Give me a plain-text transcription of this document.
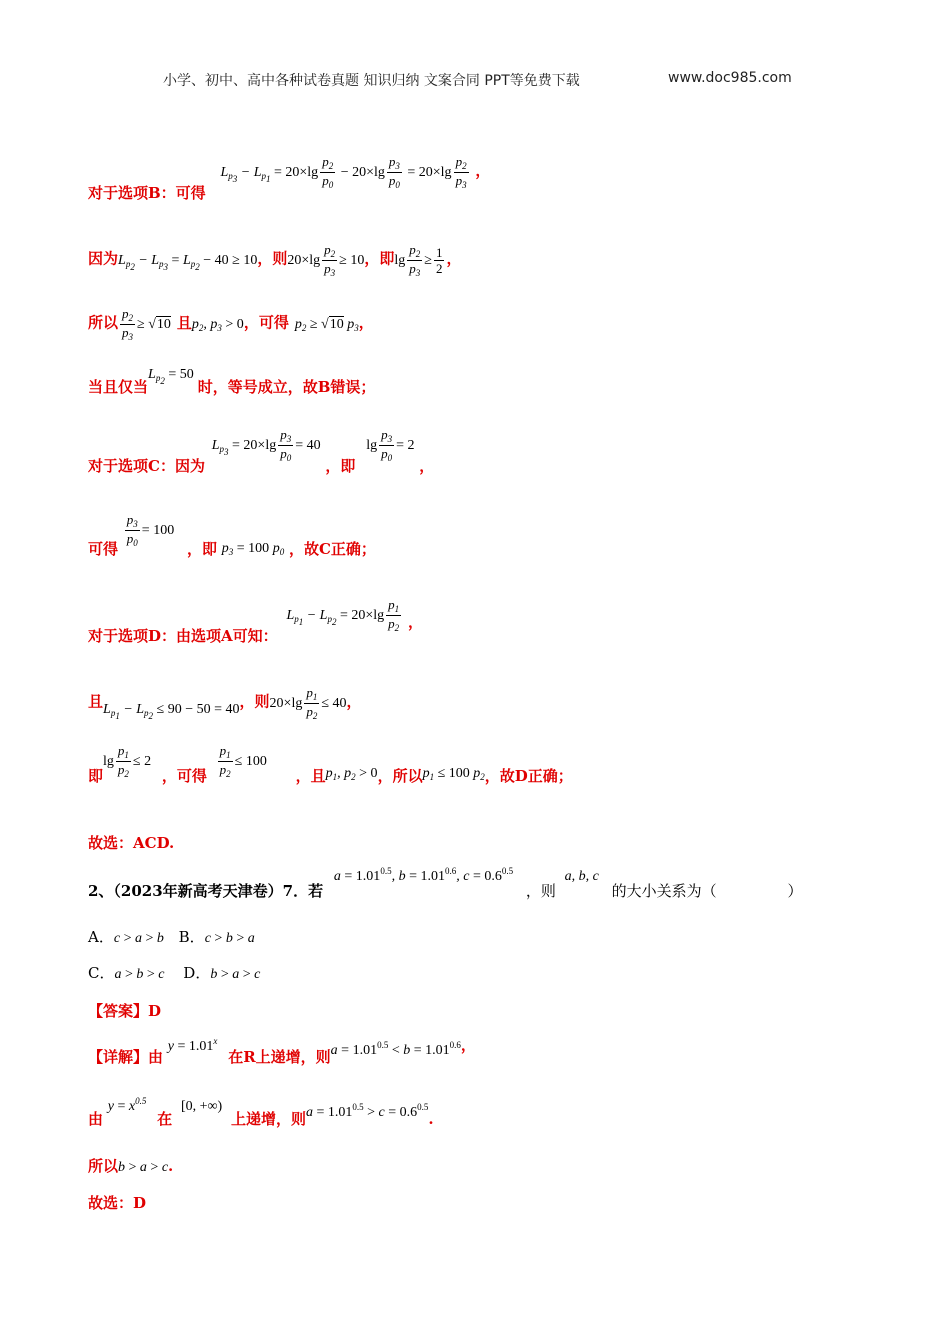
小学、初中、高中各种试卷真题 知识归纳 文案合同 PPT等免费下载	www.doc985.com
对于选项B：可得 $L_{p_3} - L_{p_1} = 20\times\lg \frac{p_2}{p_0} - 20\times\lg \frac{p_3}{p_0} = 20\times\lg \frac{p_2}{p_3}$ ，
因为$L_{p_2} - L_{p_3} = L_{p_2} - 40 \ge 10$，则$20\times\lg \frac{p_2}{p_3} \ge 10$，即$\lg \frac{p_2}{p_3} \ge \frac{1}{2}$ ，
所以 $\frac{p_2}{p_3} \ge √10$ 且$p_2$, $p_3 > 0$，可得 $p_2 \ge √10$ $p_3$，
当且仅当$L_{p_2} = 50$时，等号成立，故B错误；
对于选项C：因为 $L_{p_3} = 20\times\lg \frac{p_3}{p_0} = 40$ ，即 $\lg \frac{p_3}{p_0} = 2$ ，
可得
$\frac{p_3}{p_0} = 100$ ，即 $p_3 = 100$ $p_0$ ，故C正确；
对于选项D：由选项A可知： $L_{p_1} - L_{p_2} = 20\times\lg \frac{p_1}{p_2}$ ，
且$L_{p_1} - L_{p_2} \le 90 - 50 = 40$，则$20\times\lg \frac{p_1}{p_2} \le 40$，
即$\lg \frac{p_1}{p_2} \le 2$ ，可得 $\frac{p_1}{p_2} \le 100$ ，且$p_1$, $p_2 > 0$，所以$p_1 \le 100$ $p_2$，故D正确；
故选：ACD.
2、（2023年新高考天津卷）7．若 $a = 1.01^{0.5}$, $b = 1.01^{0.6}$, $c = 0.6^{0.5}$ ，则 a, b, c 的大小关系为（	）
A．c > a > b B．c > b > a
C．a > b > c D．b > a > c
【答案】D
【详解】由 $y = 1.01^x$ 在R上递增，则$a = 1.01^{0.5} < b = 1.01^{0.6}$，
由 $y = x^{0.5}$ 在 [0, +∞) 上递增，则$a = 1.01^{0.5} > c = 0.6^{0.5}$.
所以b > a > c.
故选：D
